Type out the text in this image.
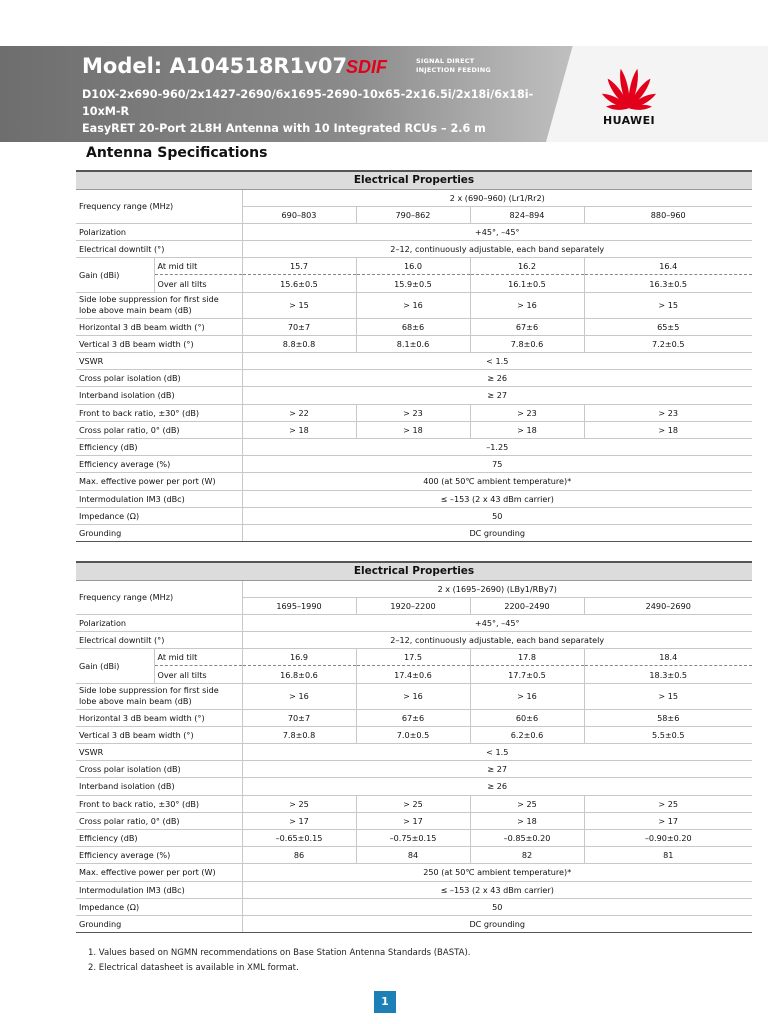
Model: A104518R1v07
SDIF	SIGNAL DIRECT
INJECTION FEEDING
D10X-2x690-960/2x1427-2690/6x1695-2690-10x65-2x16.5i/2x18i/6x18i-10xM-R
EasyRET 20-Port 2L8H Antenna with 10 Integrated RCUs – 2.6 m
HUAWEI
Antenna Specifications
Electrical Properties					
Frequency range (MHz)		2 x (690–960) (Lr1/Rr2)			
		690–803	790–862	824–894	880–960
Polarization		+45°, –45°			
Electrical downtilt (°)		2–12, continuously adjustable, each band separately			
Gain (dBi)	At mid tilt	15.7	16.0	16.2	16.4
	Over all tilts	15.6±0.5	15.9±0.5	16.1±0.5	16.3±0.5
Side lobe suppression for first side lobe above main beam (dB)		> 15	> 16	> 16	> 15
Horizontal 3 dB beam width (°)		70±7	68±6	67±6	65±5
Vertical 3 dB beam width (°)		8.8±0.8	8.1±0.6	7.8±0.6	7.2±0.5
VSWR		< 1.5			
Cross polar isolation (dB)		≥ 26			
Interband isolation (dB)		≥ 27			
Front to back ratio, ±30° (dB)		> 22	> 23	> 23	> 23
Cross polar ratio, 0° (dB)		> 18	> 18	> 18	> 18
Efficiency (dB)		–1.25			
Efficiency average (%)		75			
Max. effective power per port (W)		400 (at 50℃ ambient temperature)*			
Intermodulation IM3 (dBc)		≤ –153 (2 x 43 dBm carrier)			
Impedance (Ω)		50			
Grounding		DC grounding			
Electrical Properties					
Frequency range (MHz)		2 x (1695–2690) (LBy1/RBy7)			
		1695–1990	1920–2200	2200–2490	2490–2690
Polarization		+45°, –45°			
Electrical downtilt (°)		2–12, continuously adjustable, each band separately			
Gain (dBi)	At mid tilt	16.9	17.5	17.8	18.4
	Over all tilts	16.8±0.6	17.4±0.6	17.7±0.5	18.3±0.5
Side lobe suppression for first side lobe above main beam (dB)		> 16	> 16	> 16	> 15
Horizontal 3 dB beam width (°)		70±7	67±6	60±6	58±6
Vertical 3 dB beam width (°)		7.8±0.8	7.0±0.5	6.2±0.6	5.5±0.5
VSWR		< 1.5			
Cross polar isolation (dB)		≥ 27			
Interband isolation (dB)		≥ 26			
Front to back ratio, ±30° (dB)		> 25	> 25	> 25	> 25
Cross polar ratio, 0° (dB)		> 17	> 17	> 18	> 17
Efficiency (dB)		–0.65±0.15	–0.75±0.15	–0.85±0.20	–0.90±0.20
Efficiency average (%)		86	84	82	81
Max. effective power per port (W)		250 (at 50℃ ambient temperature)*			
Intermodulation IM3 (dBc)		≤ –153 (2 x 43 dBm carrier)			
Impedance (Ω)		50			
Grounding		DC grounding			
1. Values based on NGMN recommendations on Base Station Antenna Standards (BASTA).
2. Electrical datasheet is available in XML format.
1
